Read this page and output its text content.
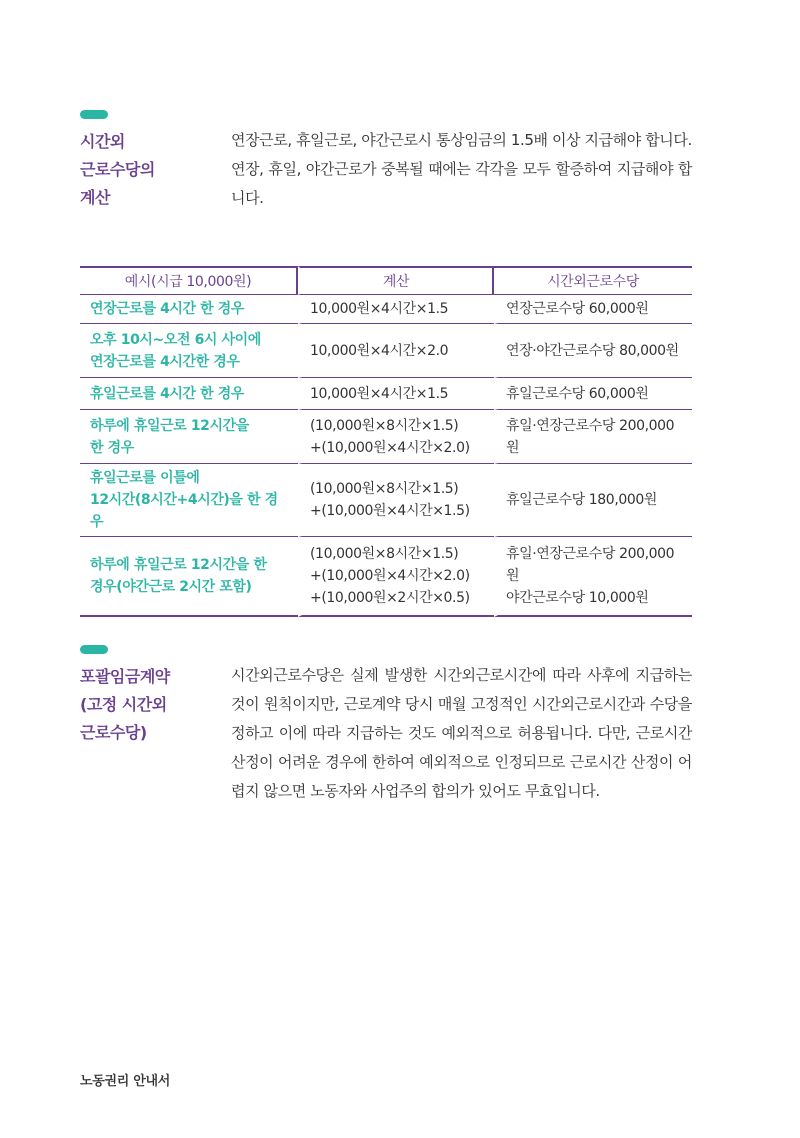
시간외
근로수당의
계산

연장근로, 휴일근로, 야간근로시 통상임금의 1.5배 이상 지급해야 합니다.

연장, 휴일, 야간근로가 중복될 때에는 각각을 모두 할증하여 지급해야 합니다.

예시(시급 10,000원)	계산	시간외근로수당
연장근로를 4시간 한 경우	10,000원×4시간×1.5	연장근로수당 60,000원
오후 10시~오전 6시 사이에
연장근로를 4시간한 경우	10,000원×4시간×2.0	연장·야간근로수당 80,000원
휴일근로를 4시간 한 경우	10,000원×4시간×1.5	휴일근로수당 60,000원
하루에 휴일근로 12시간을
한 경우	(10,000원×8시간×1.5)
+(10,000원×4시간×2.0)	휴일·연장근로수당 200,000원
휴일근로를 이틀에
12시간(8시간+4시간)을 한 경우	(10,000원×8시간×1.5)
+(10,000원×4시간×1.5)	휴일근로수당 180,000원
하루에 휴일근로 12시간을 한
경우(야간근로 2시간 포함)	(10,000원×8시간×1.5)
+(10,000원×4시간×2.0)
+(10,000원×2시간×0.5)	휴일·연장근로수당 200,000원
야간근로수당 10,000원
포괄임금계약
(고정 시간외
근로수당)

시간외근로수당은 실제 발생한 시간외근로시간에 따라 사후에 지급하는 것이 원칙이지만, 근로계약 당시 매월 고정적인 시간외근로시간과 수당을 정하고 이에 따라 지급하는 것도 예외적으로 허용됩니다. 다만, 근로시간 산정이 어려운 경우에 한하여 예외적으로 인정되므로 근로시간 산정이 어렵지 않으면 노동자와 사업주의 합의가 있어도 무효입니다.

노동권리 안내서
